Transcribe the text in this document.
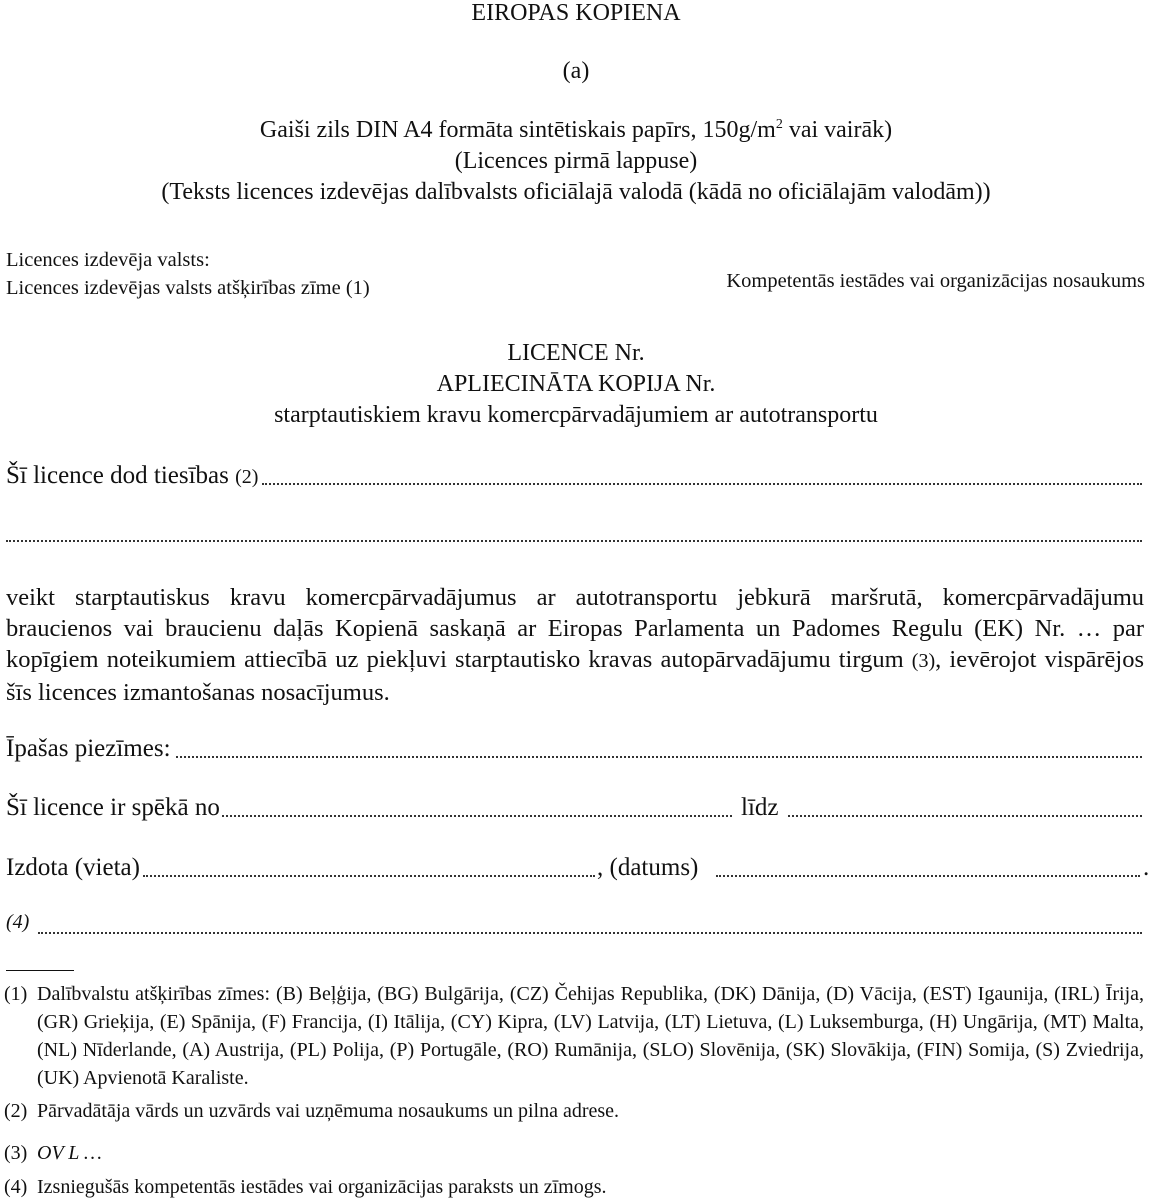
EIROPAS KOPIENA
(a)
Gaiši zils DIN A4 formāta sintētiskais papīrs, $150g/m^2$ vai vairāk)
(Licences pirmā lappuse)
(Teksts licences izdevējas dalībvalsts oficiālajā valodā (kādā no oficiālajām valodām))
Licences izdevēja valsts:
Licences izdevējas valsts atšķirības zīme (1)	Kompetentās iestādes vai organizācijas nosaukums
LICENCE Nr.
APLIECINĀTA KOPIJA Nr.
starptautiskiem kravu komercpārvadājumiem ar autotransportu
Šī licence dod tiesības (2)
veikt starptautiskus kravu komercpārvadājumus ar autotransportu jebkurā maršrutā, komercpārvadājumu braucienos vai braucienu daļās Kopienā saskaņā ar Eiropas Parlamenta un Padomes Regulu (EK) Nr. … par kopīgiem noteikumiem attiecībā uz piekļuvi starptautisko kravas autopārvadājumu tirgum (3), ievērojot vispārējos šīs licences izmantošanas nosacījumus.
Īpašas piezīmes:
Šī licence ir spēkā no	līdz
Izdota (vieta)	, (datums)	.
(4)
(1) Dalībvalstu atšķirības zīmes: (B) Beļģija, (BG) Bulgārija, (CZ) Čehijas Republika, (DK) Dānija, (D) Vācija, (EST) Igaunija, (IRL) Īrija, (GR) Grieķija, (E) Spānija, (F) Francija, (I) Itālija, (CY) Kipra, (LV) Latvija, (LT) Lietuva, (L) Luksemburga, (H) Ungārija, (MT) Malta, (NL) Nīderlande, (A) Austrija, (PL) Polija, (P) Portugāle, (RO) Rumānija, (SLO) Slovēnija, (SK) Slovākija, (FIN) Somija, (S) Zviedrija, (UK) Apvienotā Karaliste.
(2) Pārvadātāja vārds un uzvārds vai uzņēmuma nosaukums un pilna adrese.
(3) OV L …
(4) Izsniegušās kompetentās iestādes vai organizācijas paraksts un zīmogs.
